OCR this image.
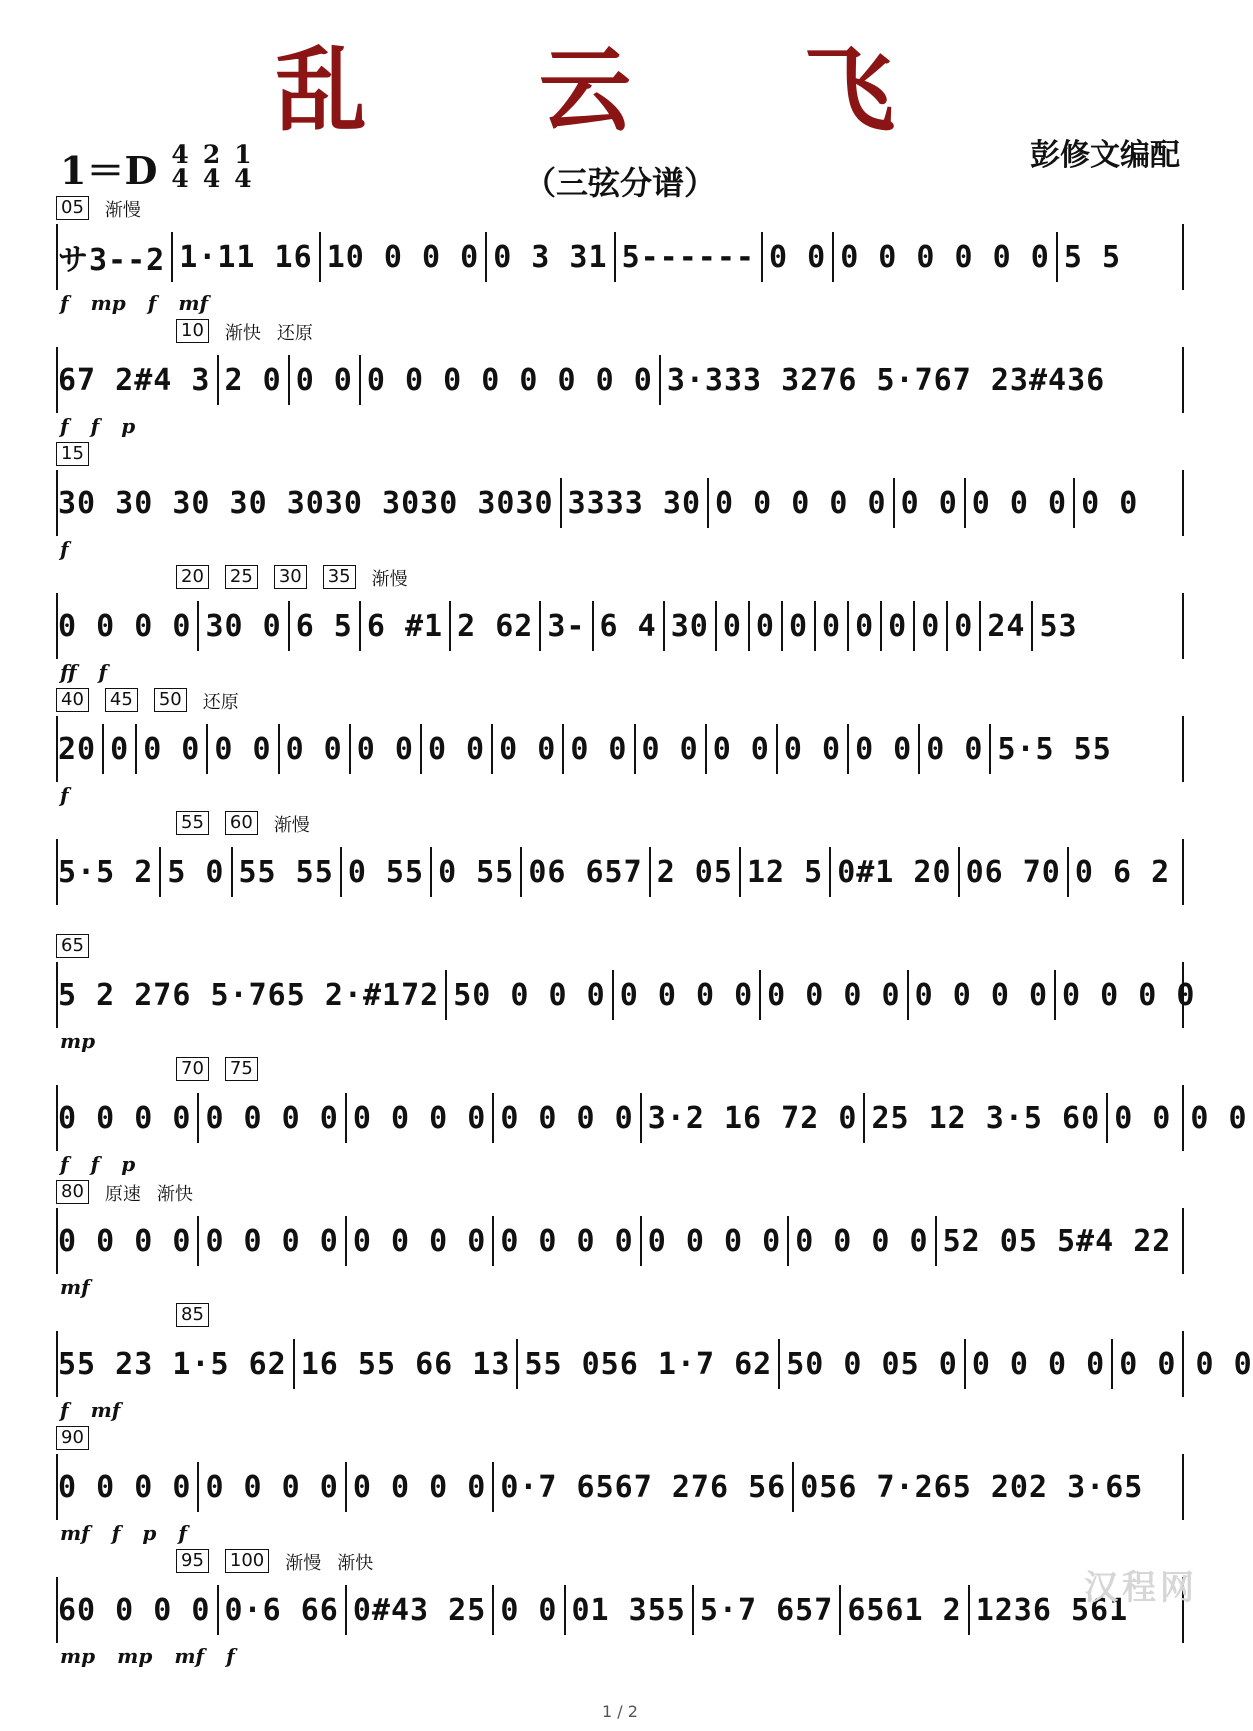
乱 云 飞
1＝D 4
4
2
4
1
4
彭修文编配
（三弦分谱）
05 渐慢
サ3--2 1·11 16 10 0 0 0 0 3 31 5------ 0 0 0 0 0 0 0 0 5 5
f mp f mf
10 渐快 还原
67 2#4 3 2 0 0 0 0 0 0 0 0 0 0 0 3·333 3276 5·767 23#436
f f p
15
30 30 30 30 3030 3030 3030 3333 30 0 0 0 0 0 0 0 0 0 0 0 0
f
20 25 30 35 渐慢
0 0 0 0 30 0 6 5 6 #1 2 62 3- 6 4 30 0 0 0 0 0 0 0 0 24 53
ff f
40 45 50 还原
20 0 0 0 0 0 0 0 0 0 0 0 0 0 0 0 0 0 0 0 0 0 0 0 0 0 5·5 55
f
55 60 渐慢
5·5 2 5 0 55 55 0 55 0 55 06 657 2 05 12 5 0#1 20 06 70 0 6 2
65
5 2 276 5·765 2·#172 50 0 0 0 0 0 0 0 0 0 0 0 0 0 0 0 0 0 0 0
mp
70 75
0 0 0 0 0 0 0 0 0 0 0 0 0 0 0 0 3·2 16 72 0 25 12 3·5 60 0 0 0 0
f f p
80 原速 渐快
0 0 0 0 0 0 0 0 0 0 0 0 0 0 0 0 0 0 0 0 0 0 0 0 52 05 5#4 22
mf
85
55 23 1·5 62 16 55 66 13 55 056 1·7 62 50 0 05 0 0 0 0 0 0 0 0 0
f mf
90
0 0 0 0 0 0 0 0 0 0 0 0 0·7 6567 276 56 056 7·265 202 3·65
mf f p f
95 100 渐慢 渐快
60 0 0 0 0·6 66 0#43 25 0 0 01 355 5·7 657 6561 2 1236 561
mp mp mf f
汉程网
1 / 2
